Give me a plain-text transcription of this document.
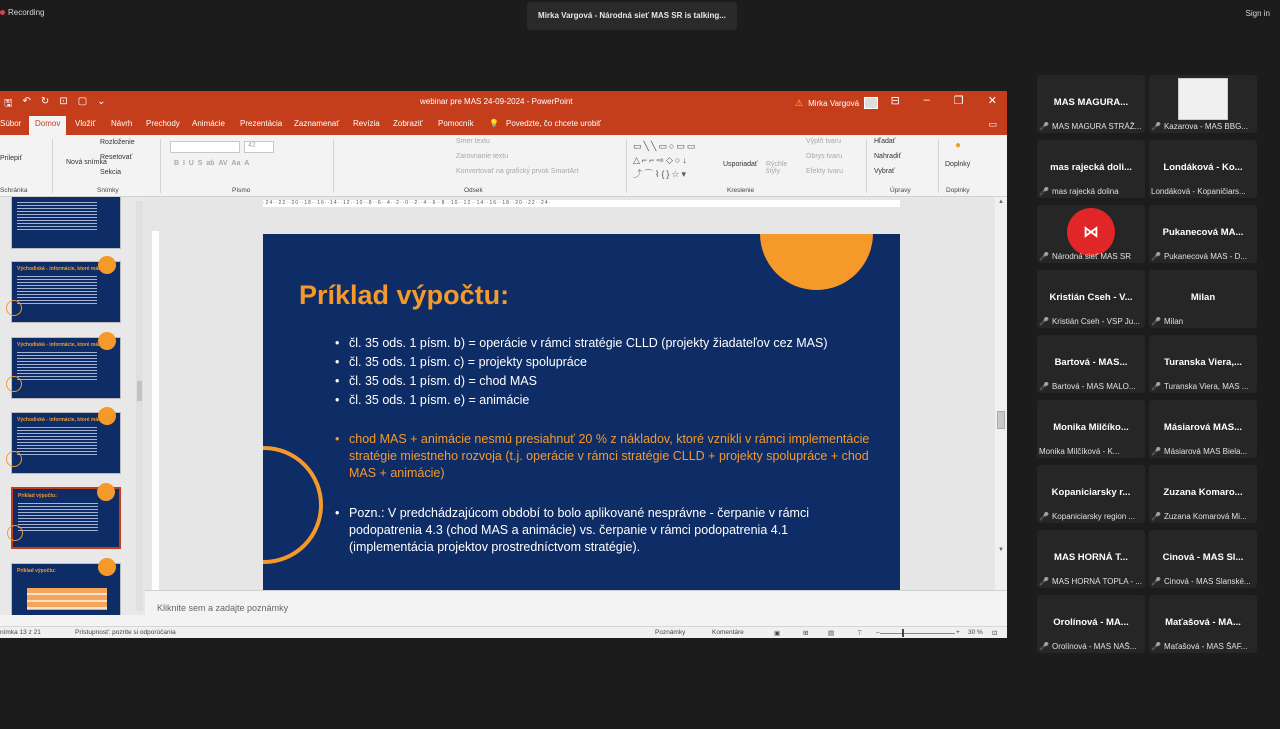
Recording	Mirka Vargová - Národná sieť MAS SR is talking...	Sign in
🖫 ↶ ↻ ⊡ ▢ ⌄	webinar pre MAS 24-09-2024 - PowerPoint	⚠ Mirka Vargová	⊟ – ❐ ✕
Súbor	Domov	Vložiť Návrh Prechody Animácie Prezentácia Zaznamenať Revízia Zobraziť Pomocník 💡 Povedzte, čo chcete urobiť	▭
Prilepiť
Schránka
Nová snímka
Rozloženie
Resetovať
Sekcia
Snímky
42
B  I  U  S  ab  AV  Aa  A
Písmo
Smer textu
Zarovnanie textu
Konvertovať na grafický prvok SmartArt
Odsek
▭╲╲▭○▭▭
△⌐⌐⇨◇○↓
⤴⌒⌇{}☆▾
Usporiadať Rýchle štýly
Výplň tvaru
Obrys tvaru
Efekty tvaru
Kreslenie
Hľadať
Nahradiť
Vybrať
Úpravy
●
Doplnky
Doplnky
Východiská - informácie, ktoré máme
Východiská - informácie, ktoré máme
Východiská - informácie, ktoré máme
Príklad výpočtu:
Príklad výpočtu:
·24··22··20··18··16··14··12··10··8··6··4··2··0··2··4··6··8··10··12··14··16··18··20··22··24·	▲
▼
Príklad výpočtu:
• čl. 35 ods. 1 písm. b) = operácie v rámci stratégie CLLD (projekty žiadateľov cez MAS)
• čl. 35 ods. 1 písm. c) = projekty spolupráce
• čl. 35 ods. 1 písm. d) = chod MAS
• čl. 35 ods. 1 písm. e) = animácie
• chod MAS + animácie nesmú presiahnuť 20 % z nákladov, ktoré vznikli v rámci implementácie stratégie miestneho rozvoja (t.j. operácie v rámci stratégie CLLD + projekty spolupráce + chod MAS + animácie)
• Pozn.: V predchádzajúcom období to bolo aplikované nesprávne - čerpanie v rámci podopatrenia 4.3 (chod MAS a animácie) vs. čerpanie v rámci podopatrenia 4.1 (implementácia projektov prostredníctvom stratégie).
Kliknite sem a zadajte poznámky
nímka 13 z 21	Prístupnosť: pozrite si odporúčania	Poznámky	Komentáre	▣	⊞	▤	⊤ –	+ 30 % ⊡
MAS MAGURA...
🎤 MAS MAGURA STRÁŽ... 🎤 Kazarova - MAS BBG...
mas rajecká doli...
🎤 mas rajecká dolina
Londáková - Ko...
Londáková - Kopaničiars...
⋈
🎤 Národná sieť MAS SR
Pukanecová MA...
🎤 Pukanecová MAS - D...
Kristián Cseh - V...
🎤 Kristián Cseh - VSP Ju...
Milan
🎤 Milan
Bartová - MAS...
🎤 Bartová - MAS MALO...
Turanska Viera,...
🎤 Turanska Viera, MAS ...
Monika Milčíko...
Monika Milčíková - K...
Másiarová MAS...
🎤 Másiarová MAS Biela...
Kopaniciarsky r...
🎤 Kopaniciarsky region ...
Zuzana Komaro...
🎤 Zuzana Komarová Mi...
MAS HORNÁ T...
🎤 MAS HORNÁ TOPLA - ...
Cinová - MAS Sl...
🎤 Cinová - MAS Slanské...
Orolínová - MA...
🎤 Orolínová - MAS NAŠ...
Maťašová - MA...
🎤 Maťašová - MAS ŠAF...
